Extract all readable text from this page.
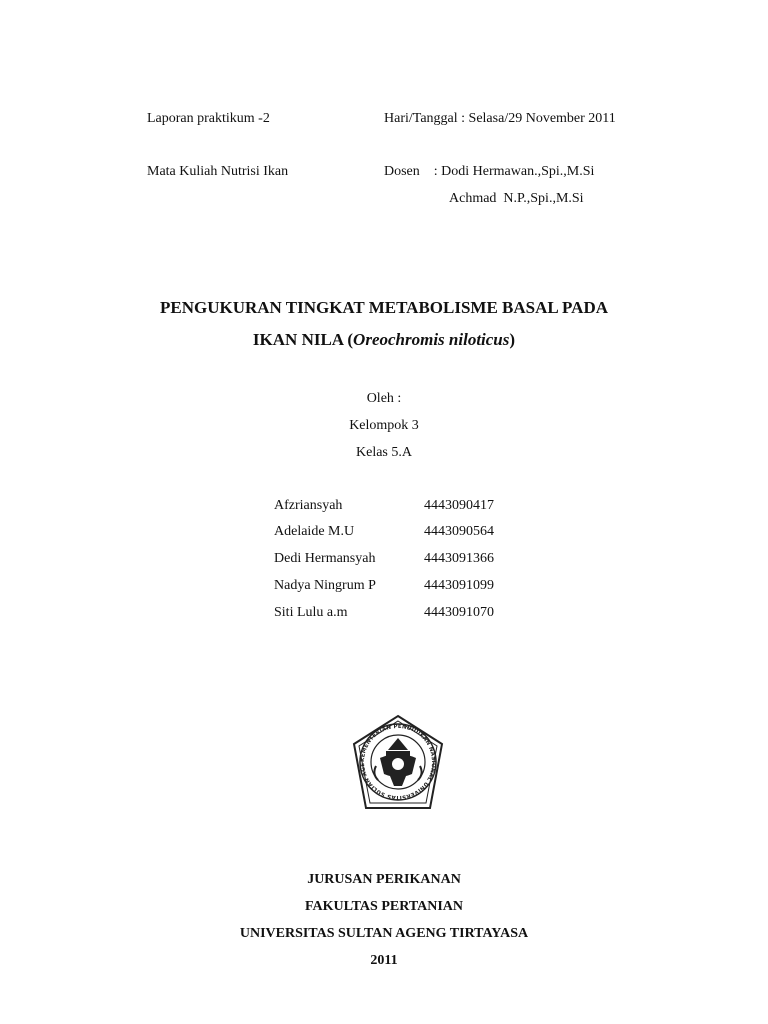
Laporan praktikum -2	Hari/Tanggal : Selasa/29 November 2011
Mata Kuliah Nutrisi Ikan	Dosen    : Dodi Hermawan.,Spi.,M.Si
Achmad  N.P.,Spi.,M.Si
PENGUKURAN TINGKAT METABOLISME BASAL PADA
IKAN NILA (Oreochromis niloticus)
Oleh :
Kelompok 3
Kelas 5.A
Afzriansyah	4443090417
Adelaide M.U	4443090564
Dedi Hermansyah	4443091366
Nadya Ningrum P	4443091099
Siti Lulu a.m	4443091070
KEMENTERIAN PENDIDIKAN NASIONAL UNIVERSITAS SULTAN AGE
JURUSAN PERIKANAN
FAKULTAS PERTANIAN
UNIVERSITAS SULTAN AGENG TIRTAYASA
2011
